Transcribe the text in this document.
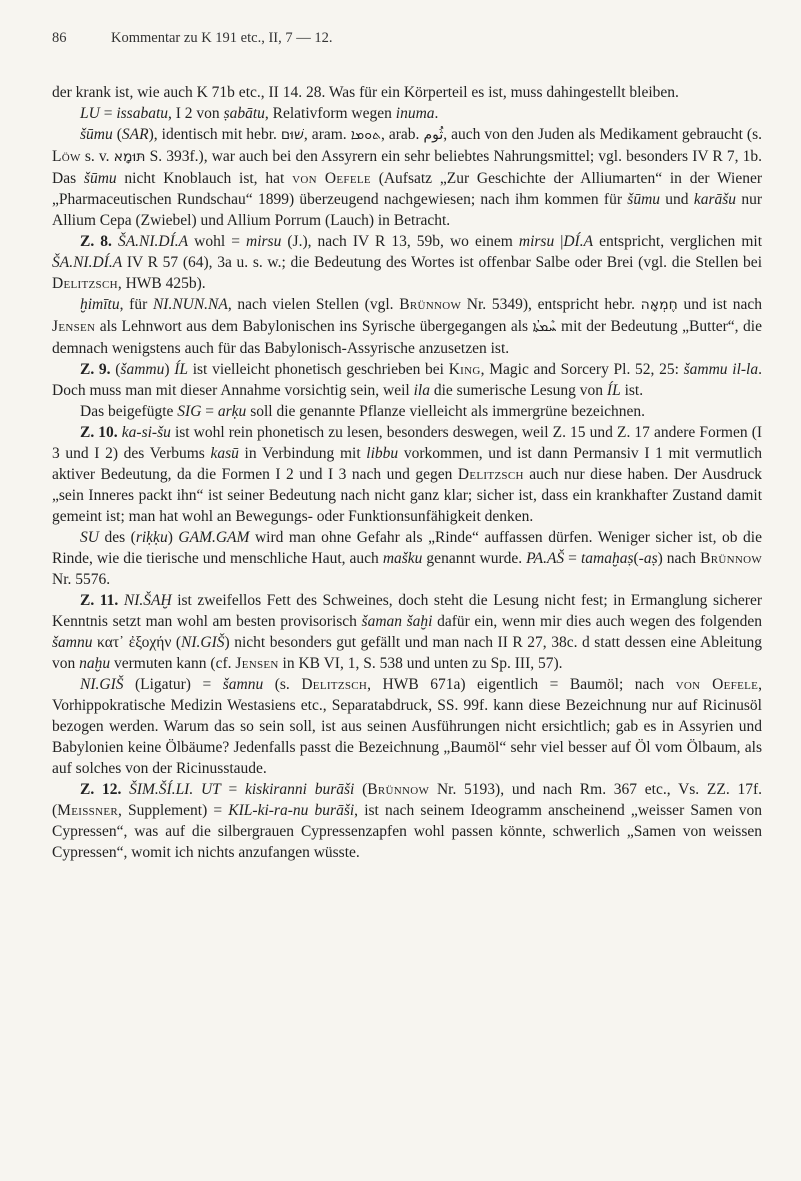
86	Kommentar zu K 191 etc., II, 7 — 12.

der krank ist, wie auch K 71b etc., II 14. 28. Was für ein Körperteil es ist, muss dahingestellt bleiben.

LU = issabatu, I 2 von ṣabātu, Relativform wegen inuma.

šūmu (SAR), identisch mit hebr. שׁוּם, aram. ܬܘܡܐ, arab. ثُوم, auch von den Juden als Medikament gebraucht (s. Löw s. v. תּוּמָא S. 393f.), war auch bei den Assyrern ein sehr beliebtes Nahrungsmittel; vgl. besonders IV R 7, 1b. Das šūmu nicht Knoblauch ist, hat von Oefele (Aufsatz „Zur Geschichte der Alliumarten“ in der Wiener „Pharmaceutischen Rundschau“ 1899) überzeugend nachgewiesen; nach ihm kommen für šūmu und karāšu nur Allium Cepa (Zwiebel) und Allium Porrum (Lauch) in Betracht.

Z. 8. ŠA.NI.DÍ.A wohl = mirsu (J.), nach IV R 13, 59b, wo einem mirsu |DÍ.A entspricht, verglichen mit ŠA.NI.DÍ.A IV R 57 (64), 3a u. s. w.; die Bedeutung des Wortes ist offenbar Salbe oder Brei (vgl. die Stellen bei Delitzsch, HWB 425b).

ḫimītu, für NI.NUN.NA, nach vielen Stellen (vgl. Brünnow Nr. 5349), entspricht hebr. חֶמְאָה und ist nach Jensen als Lehnwort aus dem Babylonischen ins Syrische übergegangen als ܚܶܡܬܳܐ mit der Bedeutung „Butter“, die demnach wenigstens auch für das Babylonisch-Assyrische anzusetzen ist.

Z. 9. (šammu) ÍL ist vielleicht phonetisch geschrieben bei King, Magic and Sorcery Pl. 52, 25: šammu il-la. Doch muss man mit dieser Annahme vorsichtig sein, weil ila die sumerische Lesung von ÍL ist.

Das beigefügte SIG = arḳu soll die genannte Pflanze vielleicht als immergrüne bezeichnen.

Z. 10. ka-si-šu ist wohl rein phonetisch zu lesen, besonders deswegen, weil Z. 15 und Z. 17 andere Formen (I 3 und I 2) des Verbums kasū in Verbindung mit libbu vorkommen, und ist dann Permansiv I 1 mit vermutlich aktiver Bedeutung, da die Formen I 2 und I 3 nach und gegen Delitzsch auch nur diese haben. Der Ausdruck „sein Inneres packt ihn“ ist seiner Bedeutung nach nicht ganz klar; sicher ist, dass ein krankhafter Zustand damit gemeint ist; man hat wohl an Bewegungs- oder Funktionsunfähigkeit denken.

SU des (riḳḳu) GAM.GAM wird man ohne Gefahr als „Rinde“ auffassen dürfen. Weniger sicher ist, ob die Rinde, wie die tierische und menschliche Haut, auch mašku genannt wurde. PA.AŠ = tamaḫaṣ(-aṣ) nach Brünnow Nr. 5576.

Z. 11. NI.ŠAḪ ist zweifellos Fett des Schweines, doch steht die Lesung nicht fest; in Ermanglung sicherer Kenntnis setzt man wohl am besten provisorisch šaman šaḫi dafür ein, wenn mir dies auch wegen des folgenden šamnu κατ᾽ ἐξοχήν (NI.GIŠ) nicht besonders gut gefällt und man nach II R 27, 38c. d statt dessen eine Ableitung von naḫu vermuten kann (cf. Jensen in KB VI, 1, S. 538 und unten zu Sp. III, 57).

NI.GIŠ (Ligatur) = šamnu (s. Delitzsch, HWB 671a) eigentlich = Baumöl; nach von Oefele, Vorhippokratische Medizin Westasiens etc., Separatabdruck, SS. 99f. kann diese Bezeichnung nur auf Ricinusöl bezogen werden. Warum das so sein soll, ist aus seinen Ausführungen nicht ersichtlich; gab es in Assyrien und Babylonien keine Ölbäume? Jedenfalls passt die Bezeichnung „Baumöl“ sehr viel besser auf Öl vom Ölbaum, als auf solches von der Ricinusstaude.

Z. 12. ŠIM.ŠÍ.LI. UT = kiskiranni burāši (Brünnow Nr. 5193), und nach Rm. 367 etc., Vs. ZZ. 17f. (Meissner, Supplement) = KIL-ki-ra-nu burāši, ist nach seinem Ideogramm anscheinend „weisser Samen von Cypressen“, was auf die silbergrauen Cypressenzapfen wohl passen könnte, schwerlich „Samen von weissen Cypressen“, womit ich nichts anzufangen wüsste.
